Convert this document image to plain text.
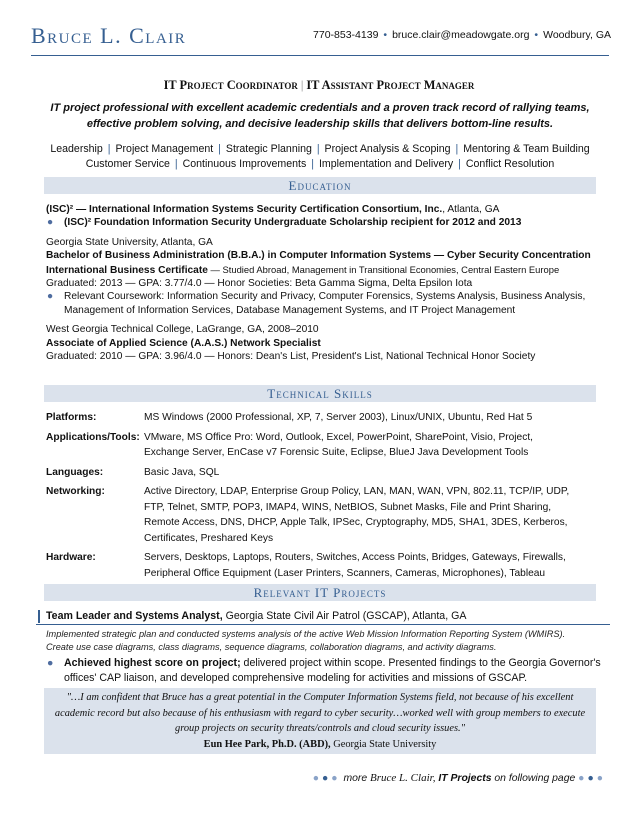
Bruce L. Clair	770-853-4139 • bruce.clair@meadowgate.org • Woodbury, GA
IT Project Coordinator | IT Assistant Project Manager
IT project professional with excellent academic credentials and a proven track record of rallying teams, effective problem solving, and decisive leadership skills that delivers bottom-line results.
Leadership | Project Management | Strategic Planning | Project Analysis & Scoping | Mentoring & Team Building
Customer Service | Continuous Improvements | Implementation and Delivery | Conflict Resolution
Education
(ISC)² — International Information Systems Security Certification Consortium, Inc., Atlanta, GA
● (ISC)² Foundation Information Security Undergraduate Scholarship recipient for 2012 and 2013
Georgia State University, Atlanta, GA
Bachelor of Business Administration (B.B.A.) in Computer Information Systems — Cyber Security Concentration
International Business Certificate — Studied Abroad, Management in Transitional Economies, Central Eastern Europe
Graduated: 2013 — GPA: 3.77/4.0 — Honor Societies: Beta Gamma Sigma, Delta Epsilon Iota
● Relevant Coursework: Information Security and Privacy, Computer Forensics, Systems Analysis, Business Analysis,
Management of Information Services, Database Management Systems, and IT Project Management
West Georgia Technical College, LaGrange, GA, 2008–2010
Associate of Applied Science (A.A.S.) Network Specialist
Graduated: 2010 — GPA: 3.96/4.0 — Honors: Dean's List, President's List, National Technical Honor Society
Technical Skills
Platforms:	MS Windows (2000 Professional, XP, 7, Server 2003), Linux/UNIX, Ubuntu, Red Hat 5
Applications/Tools: VMware, MS Office Pro: Word, Outlook, Excel, PowerPoint, SharePoint, Visio, Project,
Exchange Server, EnCase v7 Forensic Suite, Eclipse, BlueJ Java Development Tools
Languages:	Basic Java, SQL
Networking:	Active Directory, LDAP, Enterprise Group Policy, LAN, MAN, WAN, VPN, 802.11, TCP/IP, UDP,
FTP, Telnet, SMTP, POP3, IMAP4, WINS, NetBIOS, Subnet Masks, File and Print Sharing,
Remote Access, DNS, DHCP, Apple Talk, IPSec, Cryptography, MD5, SHA1, 3DES, Kerberos,
Certificates, Preshared Keys
Hardware:	Servers, Desktops, Laptops, Routers, Switches, Access Points, Bridges, Gateways, Firewalls,
Peripheral Office Equipment (Laser Printers, Scanners, Cameras, Microphones), Tableau
Relevant IT Projects
Team Leader and Systems Analyst, Georgia State Civil Air Patrol (GSCAP), Atlanta, GA
Implemented strategic plan and conducted systems analysis of the active Web Mission Information Reporting System (WMIRS).
Create use case diagrams, class diagrams, sequence diagrams, collaboration diagrams, and activity diagrams.
● Achieved highest score on project; delivered project within scope. Presented findings to the Georgia Governor's
offices' CAP liaison, and developed comprehensive modeling for activities and missions of GSCAP.
"…I am confident that Bruce has a great potential in the Computer Information Systems field, not because of his excellent
academic record but also because of his enthusiasm with regard to cyber security…worked well with group members to execute
group projects on security threats/controls and cloud security issues."
Eun Hee Park, Ph.D. (ABD), Georgia State University
●●● more Bruce L. Clair, IT Projects on following page ●●●
